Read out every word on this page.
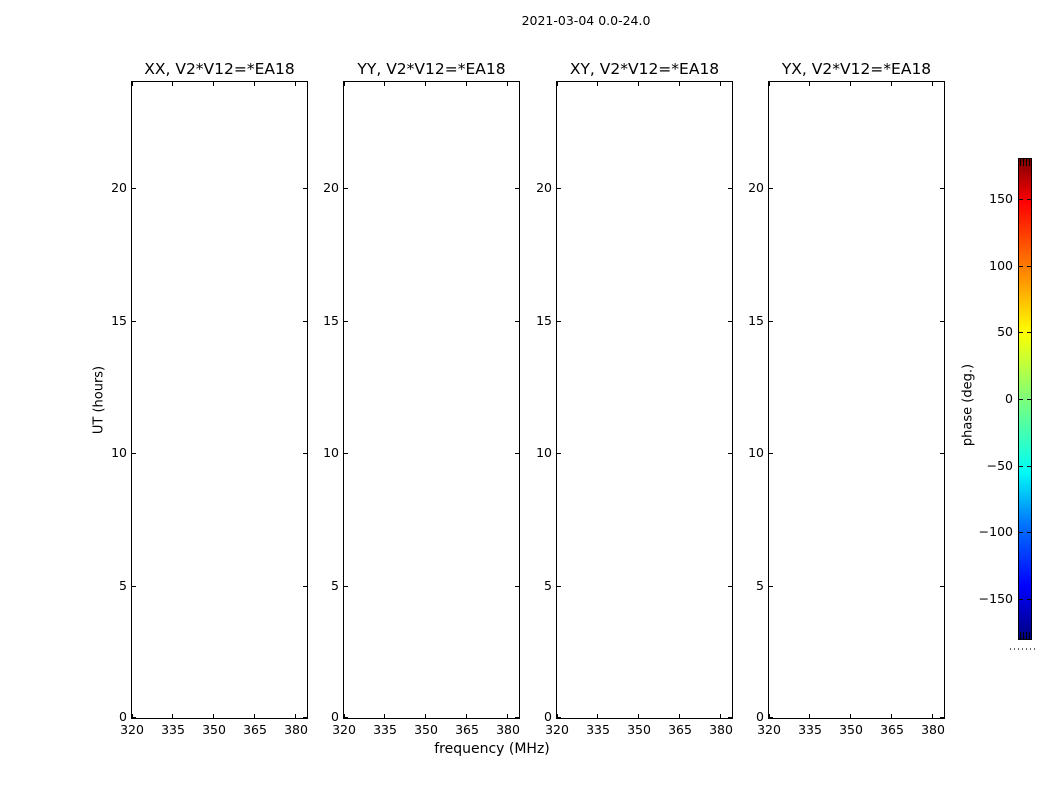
2021-03-04 0.0-24.0
XX, V2*V12=*EA18
320	335	350	365	380
0
5
10
15
20
YY, V2*V12=*EA18
320	335	350	365	380
0
5
10
15
20
XY, V2*V12=*EA18
320	335	350	365	380
0
5
10
15
20
YX, V2*V12=*EA18
320	335	350	365	380
0
5
10
15
20
frequency (MHz)
UT (hours)
150
100
50
0
−50
−100
−150
phase (deg.)
